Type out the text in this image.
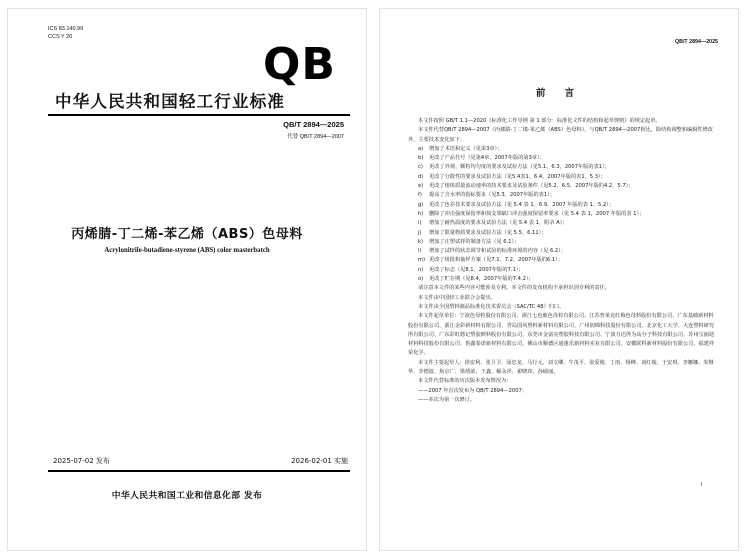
ICS 83.140.99
CCS Y 20
QB
中华人民共和国轻工行业标准
QB/T 2894—2025
代替 QB/T 2894—2007
丙烯腈-丁二烯-苯乙烯（ABS）色母料
Acrylonitrile-butadiene-styrene (ABS) color masterbatch
2025-07-02 发布	2026-02-01 实施
中华人民共和国工业和信息化部 发布
QB/T 2894—2025
前 言

本文件按照 GB/T 1.1—2020《标准化工作导则 第 1 部分：标准化文件的结构和起草规则》的规定起草。

本文件代替QB/T 2894—2007《丙烯腈-丁二烯-苯乙烯（ABS）色母料》，与QB/T 2894—2007相比，除结构调整和编辑性修改外，主要技术变化如下：

a) 增加了术语和定义（见第3章）；

b) 更改了产品代号（见第4章，2007年版的第3章）；

c) 更改了外观、颗粒均匀度的要求及试验方法（见5.1、6.3，2007年版的表1）；

d) 更改了分散性的要求及试验方法（见5.4表1、6.4，2007年版的表1、5.3）；

e) 更改了熔体质量流动速率的技术要求及试验条件（见5.2、6.5，2007年版的4.2、5.7）；

f) 提高了含水率的指标要求（见5.3，2007年版的表1）；

g) 更改了色差技术要求及试验方法（见 5.4 表 1、6.9，2007 年版的表 1、5.2）；

h) 删除了冲击强度保留率和简支梁缺口冲击强度保留率要求（见 5.4 表 1，2007 年版的表 1）；

i) 增加了耐热温度的要求及试验方法（见 5.4 表 1，附录 A）；

j) 增加了限量物质要求及试验方法（见 5.5、6.11）；

k) 增加了注塑试样的制备方法（见 6.1）；

l) 增加了试样的状态调节和试验的标准环境的内容（见 6.2）；

m) 更改了组批和抽样方案（见7.1、7.2，2007年版的6.1）；

n) 更改了标志（见8.1，2007年版的7.1）；

o) 更改了贮存期（见8.4，2007年版的7.4.2）；

请注意本文件的某些内容可能涉及专利。本文件的发布机构不承担识别专利的责任。

本文件由中国轻工业联合会提出。

本文件由全国塑料制品标准化技术委员会（SAC/TC 48）归口。

本文件起草单位：宁波色母粒股份有限公司、浙江七色鹿色母粒有限公司、江苏普莱克红梅色母料股份有限公司、广东基础新材料股份有限公司、浙江金彩新材料有限公司、青岛国风塑料新材料有限公司、广州润锦科技股份有限公司、北京化工大学、大连塑料研究所有限公司、广东彩虹德记塑胶颜料股份有限公司、东莞市金富亮塑胶科技有限公司、宁波力达得为高分子科技有限公司、苏州宝丽迪材料科技股份有限公司、鲁鑫泰诺新材料有限公司、佛山市顺德区通蓬乐新材料实业有限公司、安徽联科新材料股份有限公司、福建祥荣化学。

本文件主要起草人：徐安利、张卫卫、汤忠龙、马行元、刘文卿、牛茂平、张爱俊、丁雨、杨峰、刘红俊、于安琪、李娜娜、朱继华、李德波、焦京广、梁靖浓、王鑫、解永祥、翟晓玮、孙硕丽。

本文件代替标准的历次版本发布情况为：

——2007 年首次发布为 QB/T 2894—2007；

——本次为第一次修订。

I
